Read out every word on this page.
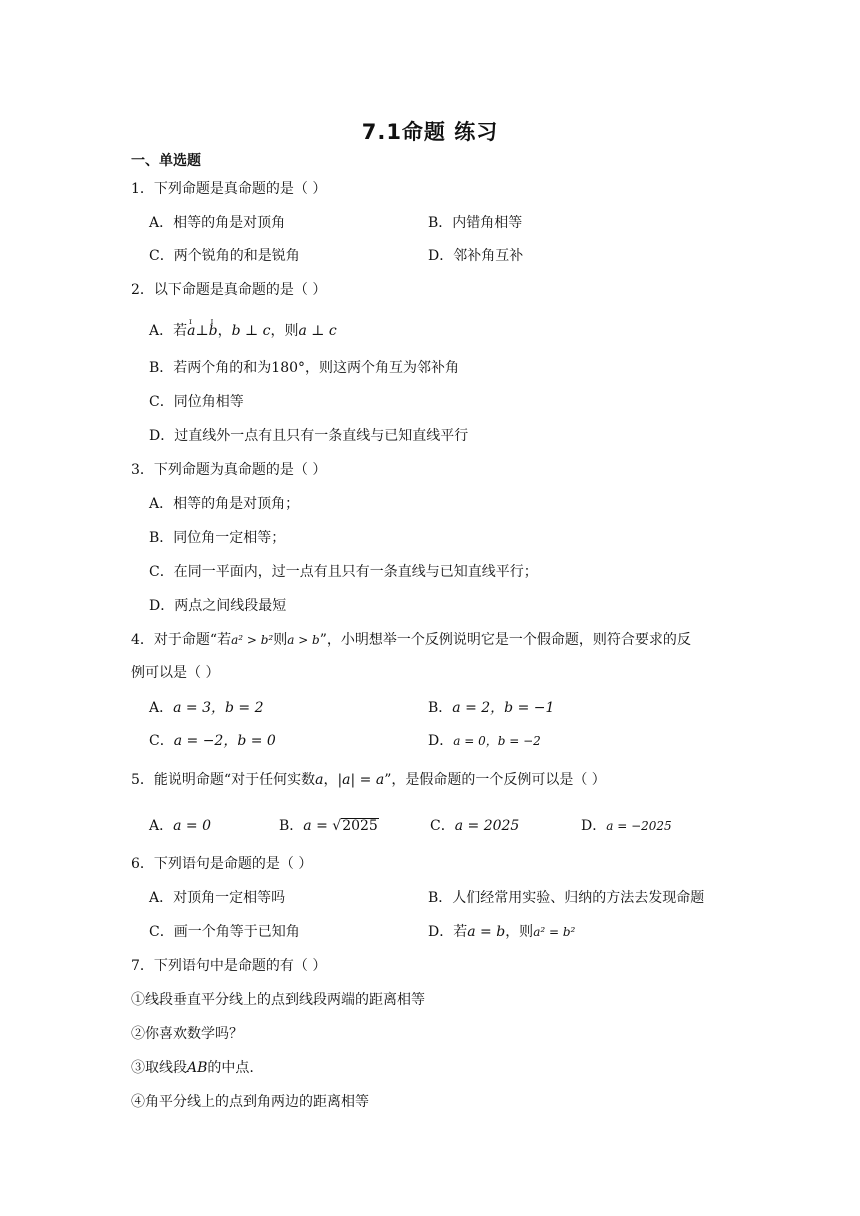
7.1命题 练习
一、单选题
1．下列命题是真命题的是（ ）
A．相等的角是对顶角	B．内错角相等
C．两个锐角的和是锐角	D．邻补角互补
2．以下命题是真命题的是（ ）
A．若ɪ a⊥ɪ b，b ⊥ c，则a ⊥ c
B．若两个角的和为180°，则这两个角互为邻补角
C．同位角相等
D．过直线外一点有且只有一条直线与已知直线平行
3．下列命题为真命题的是（ ）
A．相等的角是对顶角；
B．同位角一定相等；
C．在同一平面内，过一点有且只有一条直线与已知直线平行；
D．两点之间线段最短
4．对于命题“若a² > b²则a > b”，小明想举一个反例说明它是一个假命题，则符合要求的反
例可以是（ ）
A．a = 3，b = 2	B．a = 2，b = −1
C．a = −2，b = 0	D．a = 0，b = −2
5．能说明命题“对于任何实数a，|a| = a”，是假命题的一个反例可以是（ ）
A．a = 0	B．a = √2025	C．a = 2025	D．a = −2025
6．下列语句是命题的是（ ）
A．对顶角一定相等吗	B．人们经常用实验、归纳的方法去发现命题
C．画一个角等于已知角	D．若a = b，则a² = b²
7．下列语句中是命题的有（ ）
①线段垂直平分线上的点到线段两端的距离相等
②你喜欢数学吗？
③取线段AB的中点.
④角平分线上的点到角两边的距离相等
